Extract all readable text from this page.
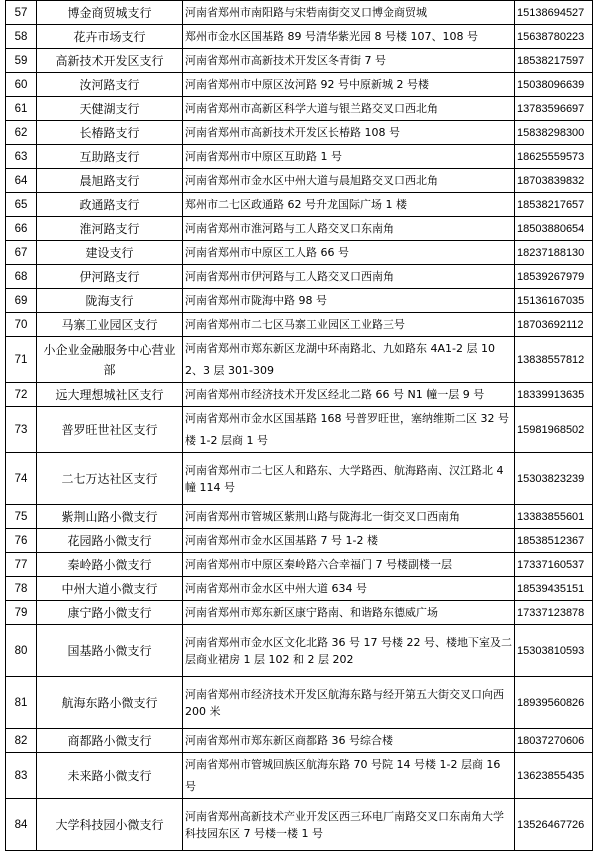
57	博金商贸城支行	河南省郑州市南阳路与宋砦南街交叉口博金商贸城	15138694527
58	花卉市场支行	郑州市金水区国基路 89 号清华紫光园 8 号楼 107、108 号	15638780223
59	高新技术开发区支行	河南省郑州市高新技术开发区冬青街 7 号	18538217597
60	汝河路支行	河南省郑州市中原区汝河路 92 号中原新城 2 号楼	15038096639
61	天健湖支行	河南省郑州市高新区科学大道与银兰路交叉口西北角	13783596697
62	长椿路支行	河南省郑州市高新技术开发区长椿路 108 号	15838298300
63	互助路支行	河南省郑州市中原区互助路 1 号	18625559573
64	晨旭路支行	河南省郑州市金水区中州大道与晨旭路交叉口西北角	18703839832
65	政通路支行	郑州市二七区政通路 62 号升龙国际广场 1 楼	18538217657
66	淮河路支行	河南省郑州市淮河路与工人路交叉口东南角	18503880654
67	建设支行	河南省郑州市中原区工人路 66 号	18237188130
68	伊河路支行	河南省郑州市伊河路与工人路交叉口西南角	18539267979
69	陇海支行	河南省郑州市陇海中路 98 号	15136167035
70	马寨工业园区支行	河南省郑州市二七区马寨工业园区工业路三号	18703692112
71	小企业金融服务中心营业部	河南省郑州市郑东新区龙湖中环南路北、九如路东 4A1-2 层 102、3 层 301-309	13838557812
72	远大理想城社区支行	河南省郑州市经济技术开发区经北二路 66 号 N1 幢一层 9 号	18339913635
73	普罗旺世社区支行	河南省郑州市金水区国基路 168 号普罗旺世，塞纳维斯二区 32 号楼 1-2 层商 1 号	15981968502
74	二七万达社区支行	河南省郑州市二七区人和路东、大学路西、航海路南、汉江路北 4 幢 114 号	15303823239
75	紫荆山路小微支行	河南省郑州市管城区紫荆山路与陇海北一街交叉口西南角	13383855601
76	花园路小微支行	河南省郑州市金水区国基路 7 号 1-2 楼	18538512367
77	秦岭路小微支行	河南省郑州市中原区秦岭路六合幸福门 7 号楼副楼一层	17337160537
78	中州大道小微支行	河南省郑州市金水区中州大道 634 号	18539435151
79	康宁路小微支行	河南省郑州市郑东新区康宁路南、和谐路东德威广场	17337123878
80	国基路小微支行	河南省郑州市金水区文化北路 36 号 17 号楼 22 号、楼地下室及二层商业裙房 1 层 102 和 2 层 202	15303810593
81	航海东路小微支行	河南省郑州市经济技术开发区航海东路与经开第五大街交叉口向西 200 米	18939560826
82	商都路小微支行	河南省郑州市郑东新区商都路 36 号综合楼	18037270606
83	未来路小微支行	河南省郑州市管城回族区航海东路 70 号院 14 号楼 1-2 层商 16 号	13623855435
84	大学科技园小微支行	河南省郑州高新技术产业开发区西三环电厂南路交叉口东南角大学科技园东区 7 号楼一楼 1 号	13526467726
